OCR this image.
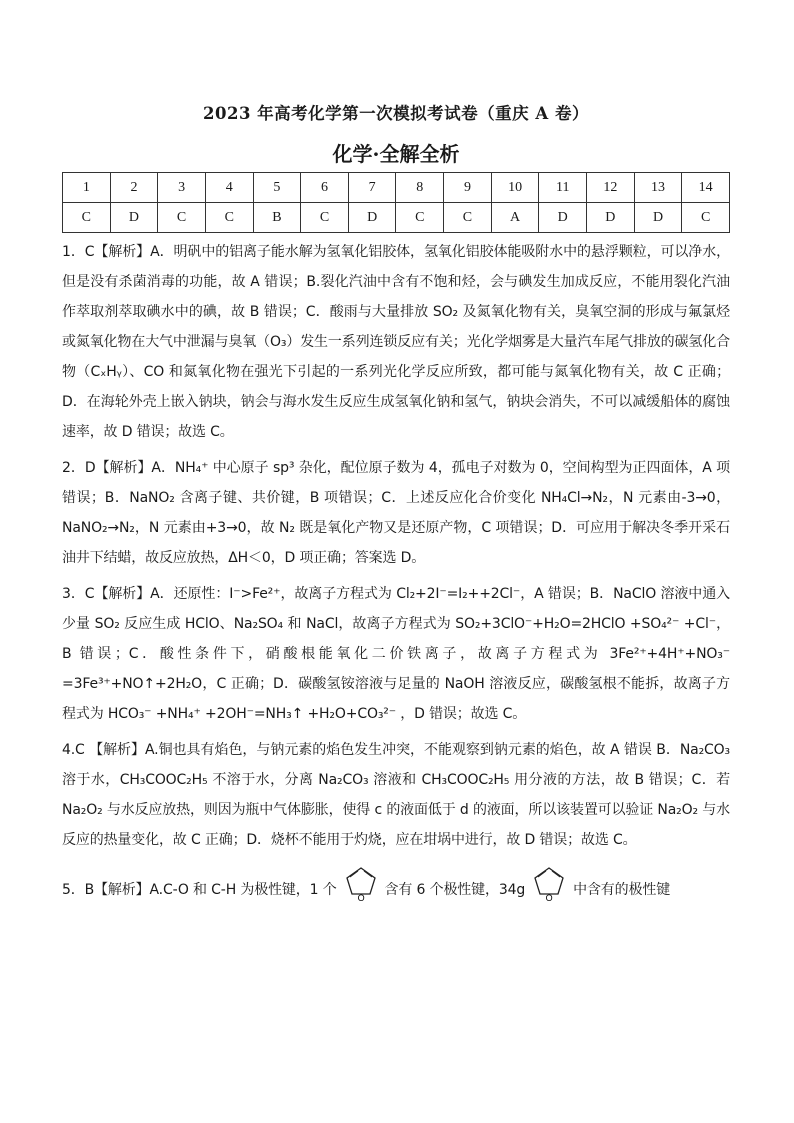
2023 年高考化学第一次模拟考试卷（重庆 A 卷）
化学·全解全析
1	2	3	4	5	6	7	8	9	10	11	12	13	14
C	D	C	C	B	C	D	C	C	A	D	D	D	C

1．C【解析】A．明矾中的铝离子能水解为氢氧化铝胶体，氢氧化铝胶体能吸附水中的悬浮颗粒，可以净水，但是没有杀菌消毒的功能，故 A 错误；B.裂化汽油中含有不饱和烃，会与碘发生加成反应，不能用裂化汽油作萃取剂萃取碘水中的碘，故 B 错误；C．酸雨与大量排放 SO₂ 及氮氧化物有关，臭氧空洞的形成与氟氯烃或氮氧化物在大气中泄漏与臭氧（O₃）发生一系列连锁反应有关；光化学烟雾是大量汽车尾气排放的碳氢化合物（CₓHᵧ）、CO 和氮氧化物在强光下引起的一系列光化学反应所致，都可能与氮氧化物有关，故 C 正确；D．在海轮外壳上嵌入钠块，钠会与海水发生反应生成氢氧化钠和氢气，钠块会消失，不可以减缓船体的腐蚀速率，故 D 错误；故选 C。

2．D【解析】A．NH₄⁺ 中心原子 sp³ 杂化，配位原子数为 4，孤电子对数为 0，空间构型为正四面体，A 项错误；B．NaNO₂ 含离子键、共价键，B 项错误；C．上述反应化合价变化 NH₄Cl→N₂，N 元素由-3→0，NaNO₂→N₂，N 元素由+3→0，故 N₂ 既是氧化产物又是还原产物，C 项错误；D．可应用于解决冬季开采石油井下结蜡，故反应放热，ΔH＜0，D 项正确；答案选 D。

3．C【解析】A．还原性：I⁻>Fe²⁺，故离子方程式为 Cl₂+2I⁻=I₂++2Cl⁻，A 错误；B．NaClO 溶液中通入少量 SO₂ 反应生成 HClO、Na₂SO₄ 和 NaCl，故离子方程式为 SO₂+3ClO⁻+H₂O=2HClO +SO₄²⁻ +Cl⁻，B 错误；C．酸性条件下，硝酸根能氧化二价铁离子，故离子方程式为 3Fe²⁺+4H⁺+NO₃⁻ =3Fe³⁺+NO↑+2H₂O，C 正确；D．碳酸氢铵溶液与足量的 NaOH 溶液反应，碳酸氢根不能拆，故离子方程式为 HCO₃⁻ +NH₄⁺ +2OH⁻=NH₃↑ +H₂O+CO₃²⁻ ，D 错误；故选 C。

4.C 【解析】A.铜也具有焰色，与钠元素的焰色发生冲突，不能观察到钠元素的焰色，故 A 错误 B．Na₂CO₃ 溶于水，CH₃COOC₂H₅ 不溶于水，分离 Na₂CO₃ 溶液和 CH₃COOC₂H₅ 用分液的方法，故 B 错误；C．若 Na₂O₂ 与水反应放热，则因为瓶中气体膨胀，使得 c 的液面低于 d 的液面，所以该装置可以验证 Na₂O₂ 与水反应的热量变化，故 C 正确；D．烧杯不能用于灼烧，应在坩埚中进行，故 D 错误；故选 C。

5．B【解析】A.C-O 和 C-H 为极性键，1 个 O 含有 6 个极性键，34g O 中含有的极性键
